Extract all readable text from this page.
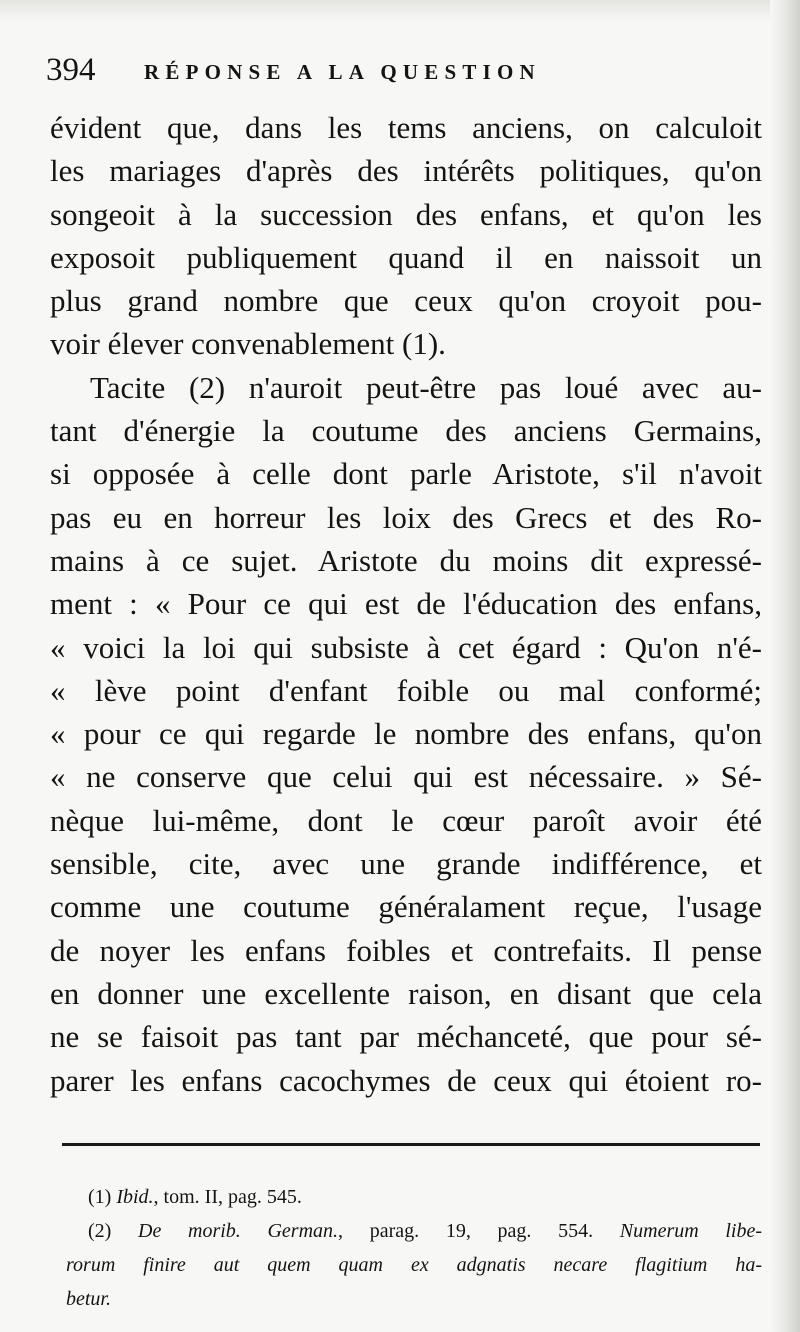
394 RÉPONSE A LA QUESTION
évident que, dans les tems anciens, on calculoit
les mariages d'après des intérêts politiques, qu'on
songeoit à la succession des enfans, et qu'on les
exposoit publiquement quand il en naissoit un
plus grand nombre que ceux qu'on croyoit pou-
voir élever convenablement (1).
Tacite (2) n'auroit peut-être pas loué avec au-
tant d'énergie la coutume des anciens Germains,
si opposée à celle dont parle Aristote, s'il n'avoit
pas eu en horreur les loix des Grecs et des Ro-
mains à ce sujet. Aristote du moins dit expressé-
ment : « Pour ce qui est de l'éducation des enfans,
« voici la loi qui subsiste à cet égard : Qu'on n'é-
« lève point d'enfant foible ou mal conformé;
« pour ce qui regarde le nombre des enfans, qu'on
« ne conserve que celui qui est nécessaire. » Sé-
nèque lui-même, dont le cœur paroît avoir été
sensible, cite, avec une grande indifférence, et
comme une coutume généralament reçue, l'usage
de noyer les enfans foibles et contrefaits. Il pense
en donner une excellente raison, en disant que cela
ne se faisoit pas tant par méchanceté, que pour sé-
parer les enfans cacochymes de ceux qui étoient ro-
(1) Ibid., tom. II, pag. 545.
(2) De morib. German., parag. 19, pag. 554. Numerum libe-
rorum finire aut quem quam ex adgnatis necare flagitium ha-
betur.
